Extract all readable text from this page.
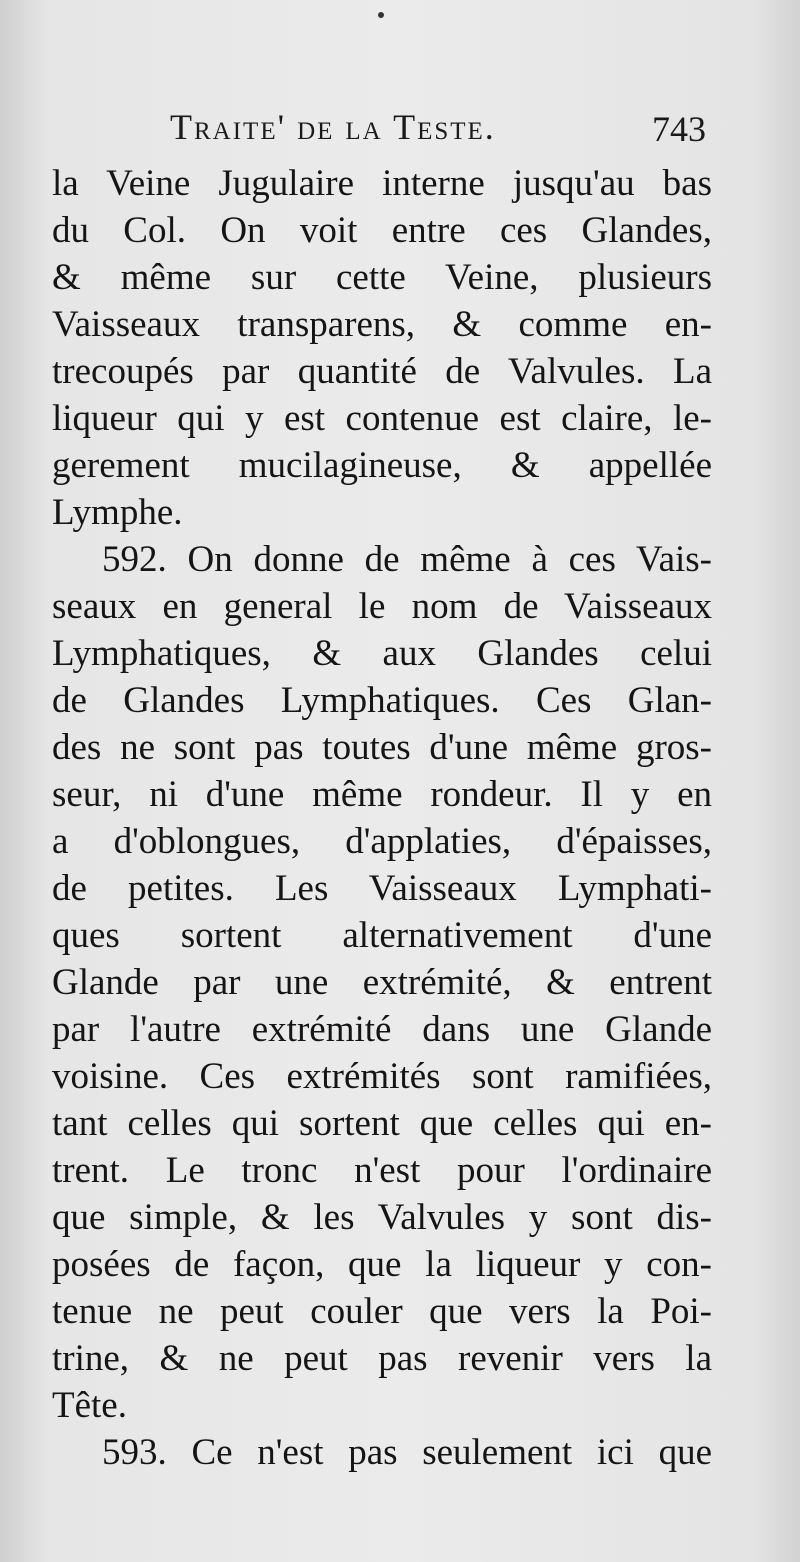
Traite' de la Teste.	743
la Veine Jugulaire interne jusqu'au bas
du Col. On voit entre ces Glandes,
& même sur cette Veine, plusieurs
Vaisseaux transparens, & comme en-
trecoupés par quantité de Valvules. La
liqueur qui y est contenue est claire, le-
gerement mucilagineuse, & appellée
Lymphe.
592. On donne de même à ces Vais-
seaux en general le nom de Vaisseaux
Lymphatiques, & aux Glandes celui
de Glandes Lymphatiques. Ces Glan-
des ne sont pas toutes d'une même gros-
seur, ni d'une même rondeur. Il y en
a d'oblongues, d'applaties, d'épaisses,
de petites. Les Vaisseaux Lymphati-
ques sortent alternativement d'une
Glande par une extrémité, & entrent
par l'autre extrémité dans une Glande
voisine. Ces extrémités sont ramifiées,
tant celles qui sortent que celles qui en-
trent. Le tronc n'est pour l'ordinaire
que simple, & les Valvules y sont dis-
posées de façon, que la liqueur y con-
tenue ne peut couler que vers la Poi-
trine, & ne peut pas revenir vers la
Tête.
593. Ce n'est pas seulement ici que
